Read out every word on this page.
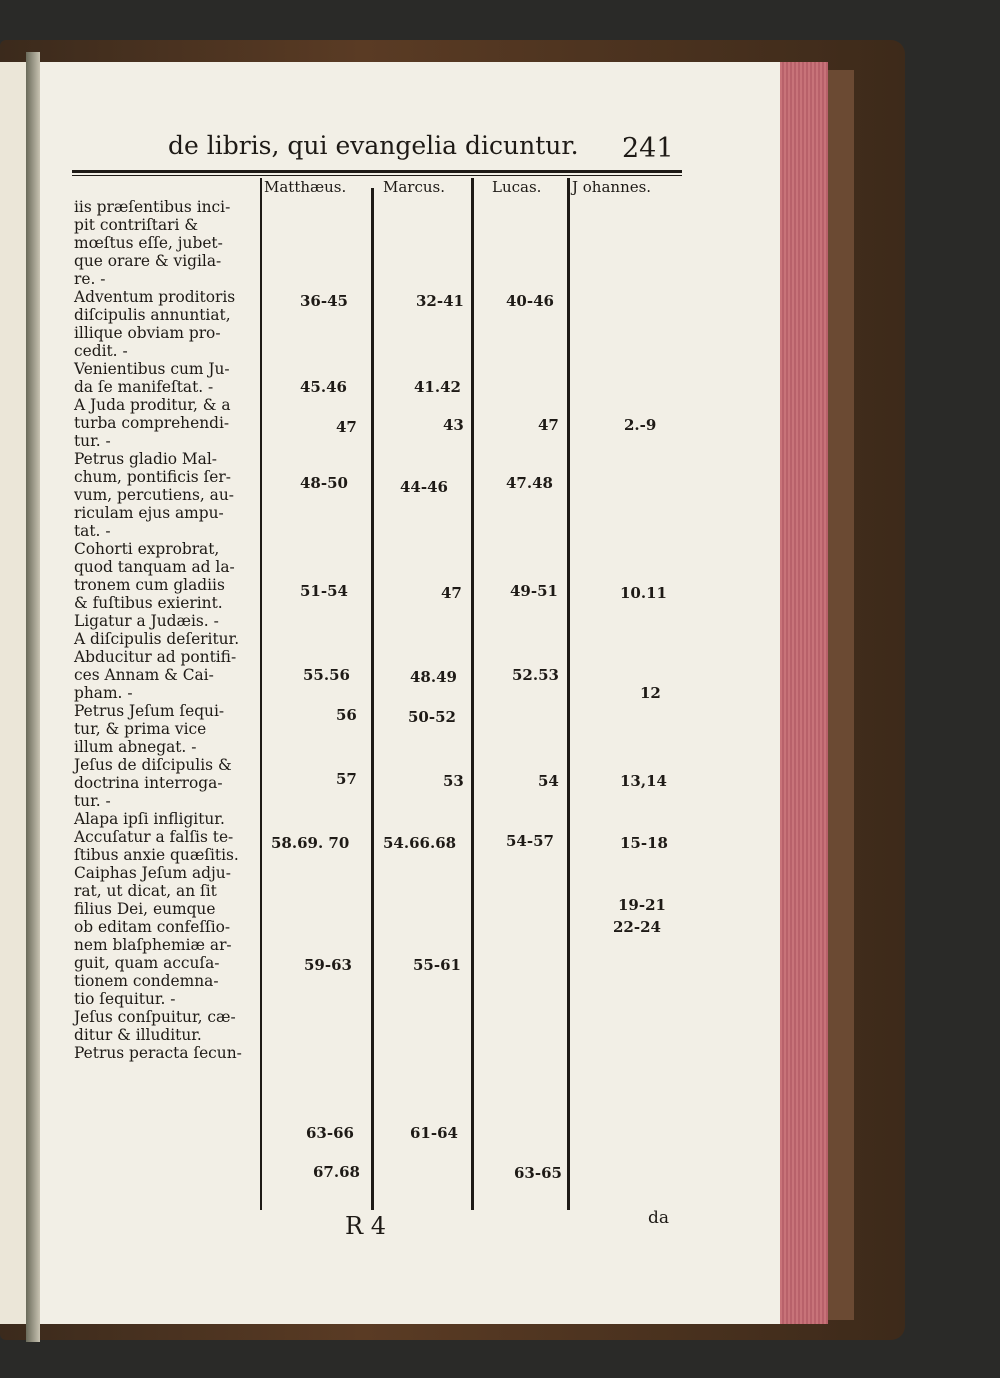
de libris, qui evangelia dicuntur. 241
Matthæus. Marcus.	Lucas. J ohannes.
iis præſentibus inci-
pit contriſtari &
mœſtus eſſe, jubet-
que orare & vigila-
re. -
Adventum proditoris
diſcipulis annuntiat,
illique obviam pro-
cedit. -
Venientibus cum Ju-
da ſe manifeſtat. -
A Juda proditur, & a
turba comprehendi-
tur. -
Petrus gladio Mal-
chum, pontificis ſer-
vum, percutiens, au-
riculam ejus ampu-
tat. -
Cohorti exprobrat,
quod tanquam ad la-
tronem cum gladiis
& fuſtibus exierint.
Ligatur a Judæis. -
A diſcipulis deſeritur.
Abducitur ad pontifi-
ces Annam & Cai-
pham. -
Petrus Jeſum ſequi-
tur, & prima vice
illum abnegat. -
Jeſus de diſcipulis &
doctrina interroga-
tur. -
Alapa ipſi infligitur.
Accuſatur a falſis te-
ſtibus anxie quæſitis.
Caiphas Jeſum adju-
rat, ut dicat, an ſit
filius Dei, eumque
ob editam confeſſio-
nem blaſphemiæ ar-
guit, quam accuſa-
tionem condemna-
tio ſequitur. -
Jeſus conſpuitur, cæ-
ditur & illuditur.
Petrus peracta ſecun-
36-45
45.46
47
48-50
51-54
55.56
56
57
58.69. 70
59-63
63-66
67.68
32-41
41.42
43
44-46
47
48.49
50-52
53
54.66.68
55-61
61-64
40-46
47
47.48
49-51
52.53
54
54-57
63-65
2.-9
10.11
12
13,14
15-18
19-21
22-24
R 4	da
